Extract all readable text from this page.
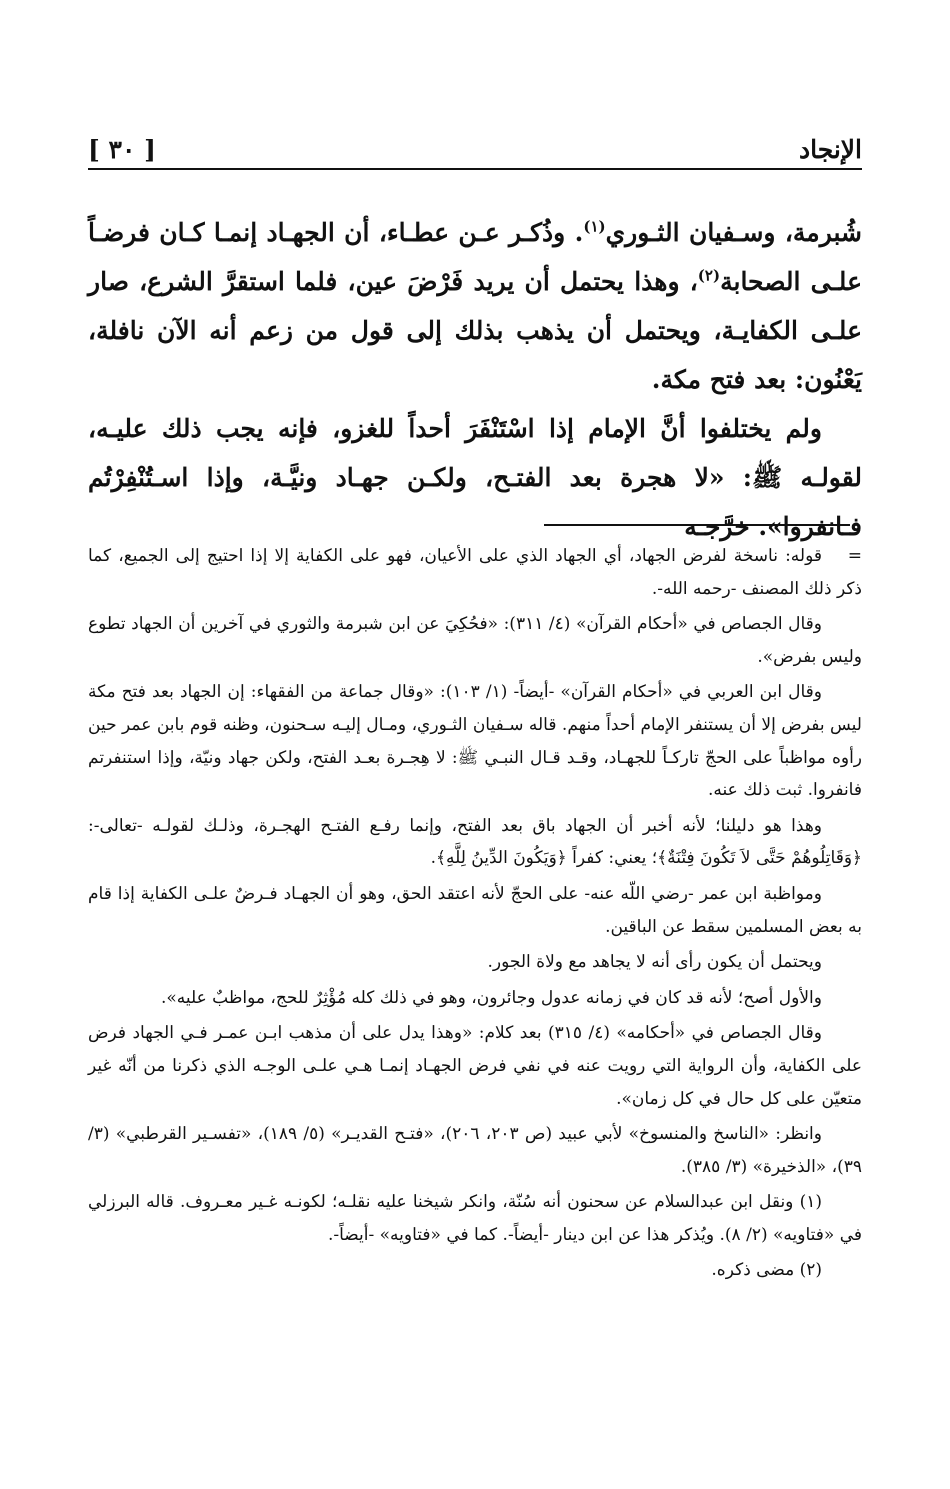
الإنجاد
[ ٣٠ ]

شُبرمة، وسـفيان الثـوري$^{(١)}$. وذُكـر عـن عطـاء، أن الجهـاد إنمـا كـان فرضـاً علـى الصحابة$^{(٢)}$، وهذا يحتمل أن يريد فَرْضَ عين، فلما استقرَّ الشرع، صار علـى الكفايـة، ويحتمل أن يذهب بذلك إلى قول من زعم أنه الآن نافلة، يَعْنُون: بعد فتح مكة.

ولم يختلفوا أنَّ الإمام إذا اسْتَنْفَرَ أحداً للغزو، فإنه يجب ذلك عليـه، لقولـه ﷺ: «لا هجرة بعد الفتـح، ولكـن جهـاد ونيَّـة، وإذا اسـتُنْفِرْتُم فـانفروا». خرَّجـه

=قوله: ناسخة لفرض الجهاد، أي الجهاد الذي على الأعيان، فهو على الكفاية إلا إذا احتيج إلى الجميع، كما ذكر ذلك المصنف -رحمه الله-.

وقال الجصاص في «أحكام القرآن» (٤/ ٣١١): «فحُكِيَ عن ابن شبرمة والثوري في آخرين أن الجهاد تطوع وليس بفرض».

وقال ابن العربي في «أحكام القرآن» -أيضاً- (١/ ١٠٣): «وقال جماعة من الفقهاء: إن الجهاد بعد فتح مكة ليس بفرض إلا أن يستنفر الإمام أحداً منهم. قاله سـفيان الثـوري، ومـال إليـه سـحنون، وظنه قوم بابن عمر حين رأوه مواظباً على الحجّ تاركـاً للجهـاد، وقـد قـال النبـي ﷺ: لا هِجـرة بعـد الفتح، ولكن جهاد ونيّة، وإذا استنفرتم فانفروا. ثبت ذلك عنه.

وهذا هو دليلنا؛ لأنه أخبر أن الجهاد باق بعد الفتح، وإنما رفـع الفتـح الهجـرة، وذلـك لقولـه -تعالى-: ﴿وَقَاتِلُوهُمْ حَتَّى لاَ تَكُونَ فِتْنَةٌ﴾؛ يعني: كفراً ﴿وَيَكُونَ الدِّينُ لِلَّهِ﴾.

ومواظبة ابن عمر -رضي اللّه عنه- على الحجّ لأنه اعتقد الحق، وهو أن الجهـاد فـرضٌ علـى الكفاية إذا قام به بعض المسلمين سقط عن الباقين.

ويحتمل أن يكون رأى أنه لا يجاهد مع ولاة الجور.

والأول أصح؛ لأنه قد كان في زمانه عدول وجائرون، وهو في ذلك كله مُؤْثِرٌ للحج، مواظبٌ عليه».

وقال الجصاص في «أحكامه» (٤/ ٣١٥) بعد كلام: «وهذا يدل على أن مذهب ابـن عمـر فـي الجهاد فرض على الكفاية، وأن الرواية التي رويت عنه في نفي فرض الجهـاد إنمـا هـي علـى الوجـه الذي ذكرنا من أنّه غير متعيّن على كل حال في كل زمان».

وانظر: «الناسخ والمنسوخ» لأبي عبيد (ص ٢٠٣، ٢٠٦)، «فتـح القديـر» (٥/ ١٨٩)، «تفسـير القرطبي» (٣/ ٣٩)، «الذخيرة» (٣/ ٣٨٥).

(١) ونقل ابن عبدالسلام عن سحنون أنه سُنّة، وانكر شيخنا عليه نقلـه؛ لكونـه غـير معـروف. قاله البرزلي في «فتاويه» (٢/ ٨). ويُذكر هذا عن ابن دينار -أيضاً-. كما في «فتاويه» -أيضاً-.

(٢) مضى ذكره.
